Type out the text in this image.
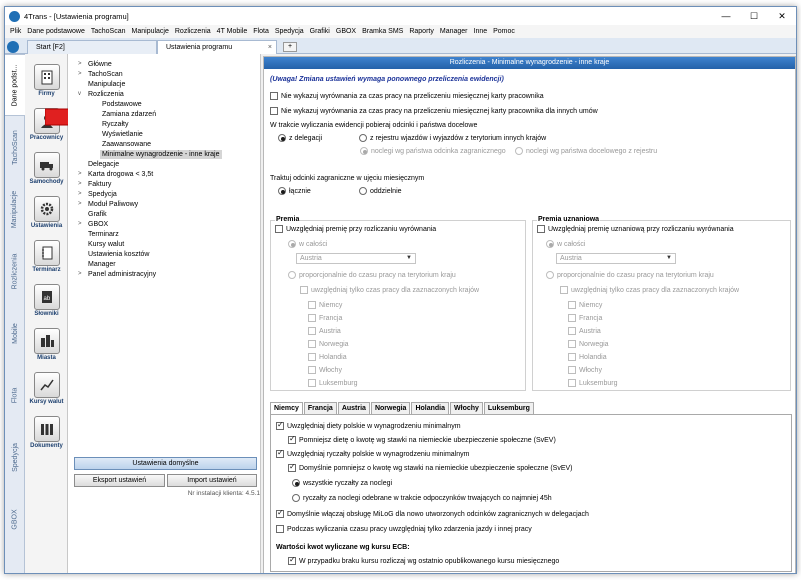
4Trans - [Ustawienia programu]	—	☐	✕
Plik Dane podstawowe TachoScan Manipulacje Rozliczenia 4T Mobile Flota Spedycja Grafiki GBOX Bramka SMS Raporty Manager Inne Pomoc
Start [F2]	Ustawienia programu	×	+
Dane podst...
TachoScan
Manipulacje
Rozliczenia
Mobile
Flota
Spedycja
GBOX
Firmy
Pracownicy
Samochody
Ustawienia
Terminarz
ab
Słowniki
Miasta
Kursy walut
Dokumenty
> Główne
> TachoScan
Manipulacje
v Rozliczenia
Podstawowe
Zamiana zdarzeń
Ryczałty
Wyświetlanie
Zaawansowane
Minimalne wynagrodzenie - inne kraje
Delegacje
> Karta drogowa < 3,5t
> Faktury
> Spedycja
> Moduł Paliwowy
Grafik
> GBOX
Terminarz
Kursy walut
Ustawienia kosztów
Manager
> Panel administracyjny
Ustawienia domyślne
Eksport ustawień	Import ustawień
Nr instalacji klienta: 4.5.1
Rozliczenia - Minimalne wynagrodzenie - inne kraje
(Uwaga! Zmiana ustawień wymaga ponownego przeliczenia ewidencji)
Nie wykazuj wyrównania za czas pracy na przeliczeniu miesięcznej karty pracownika
Nie wykazuj wyrównania za czas pracy na przeliczeniu miesięcznej karty pracownika dla innych umów
W trakcie wyliczania ewidencji pobieraj odcinki i państwa docelowe
z delegacji	z rejestru wjazdów i wyjazdów z terytorium innych krajów
noclegi wg państwa odcinka zagranicznego	noclegi wg państwa docelowego z rejestru
Traktuj odcinki zagraniczne w ujęciu miesięcznym
łącznie	oddzielnie
Premia
Uwzględniaj premię przy rozliczaniu wyrównania
w całości
Austria	▼
proporcjonalnie do czasu pracy na terytorium kraju
uwzględniaj tylko czas pracy dla zaznaczonych krajów
Niemcy
Francja
Austria
Norwegia
Holandia
Włochy
Luksemburg
Premia uznaniowa
Uwzględniaj premię uznaniową przy rozliczaniu wyrównania
w całości
Austria	▼
proporcjonalnie do czasu pracy na terytorium kraju
uwzględniaj tylko czas pracy dla zaznaczonych krajów
Niemcy
Francja
Austria
Norwegia
Holandia
Włochy
Luksemburg
Niemcy	Francja	Austria	Norwegia	Holandia	Włochy	Luksemburg
✓
Uwzględniaj diety polskie w wynagrodzeniu minimalnym
✓
Pomniejsz dietę o kwotę wg stawki na niemieckie ubezpieczenie społeczne (SvEV)
✓
Uwzględniaj ryczałty polskie w wynagrodzeniu minimalnym
✓
Domyślnie pomniejsz o kwotę wg stawki na niemieckie ubezpieczenie społeczne (SvEV)
wszystkie ryczałty za noclegi
ryczałty za noclegi odebrane w trakcie odpoczynków trwających co najmniej 45h
✓
Domyślnie włączaj obsługę MiLoG dla nowo utworzonych odcinków zagranicznych w delegacjach
Podczas wyliczania czasu pracy uwzględniaj tylko zdarzenia jazdy i innej pracy
Wartości kwot wyliczane wg kursu ECB:
✓
W przypadku braku kursu rozliczaj wg ostatnio opublikowanego kursu miesięcznego
